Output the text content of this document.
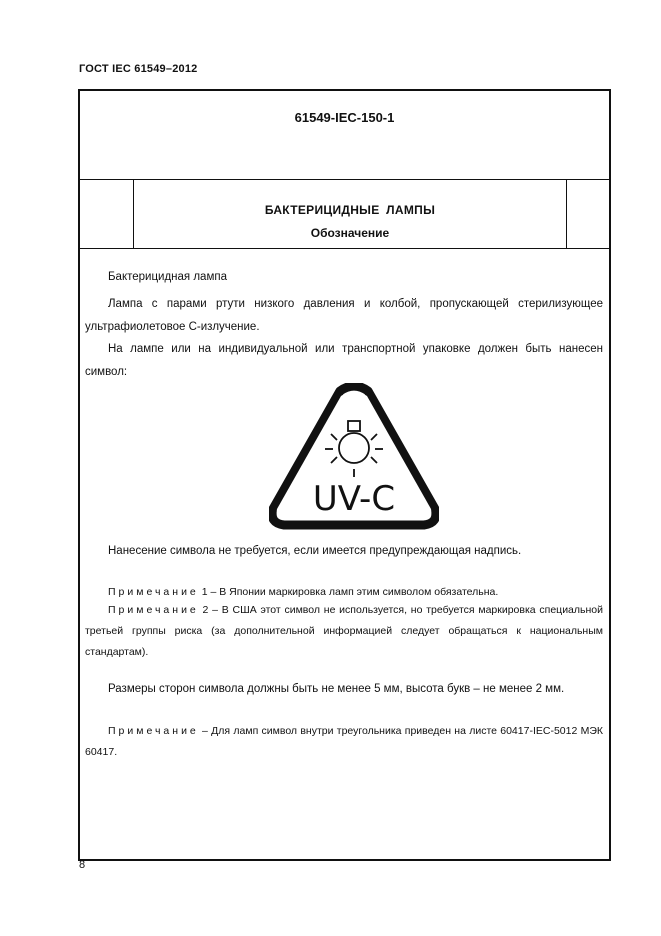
ГОСТ IEC 61549–2012
61549-IEC-150-1
БАКТЕРИЦИДНЫЕ ЛАМПЫ
Обозначение
Бактерицидная лампа
Лампа с парами ртути низкого давления и колбой, пропускающей стерилизующее ультрафиолетовое С-излучение.
На лампе или на индивидуальной или транспортной упаковке должен быть нанесен символ:
UV-C
Нанесение символа не требуется, если имеется предупреждающая надпись.
Примечание 1 – В Японии маркировка ламп этим символом обязательна.
Примечание 2 – В США этот символ не используется, но требуется маркировка специальной третьей группы риска (за дополнительной информацией следует обращаться к национальным стандартам).
Размеры сторон символа должны быть не менее 5 мм, высота букв – не менее 2 мм.
Примечание – Для ламп символ внутри треугольника приведен на листе 60417-IEC-5012 МЭК 60417.
8
